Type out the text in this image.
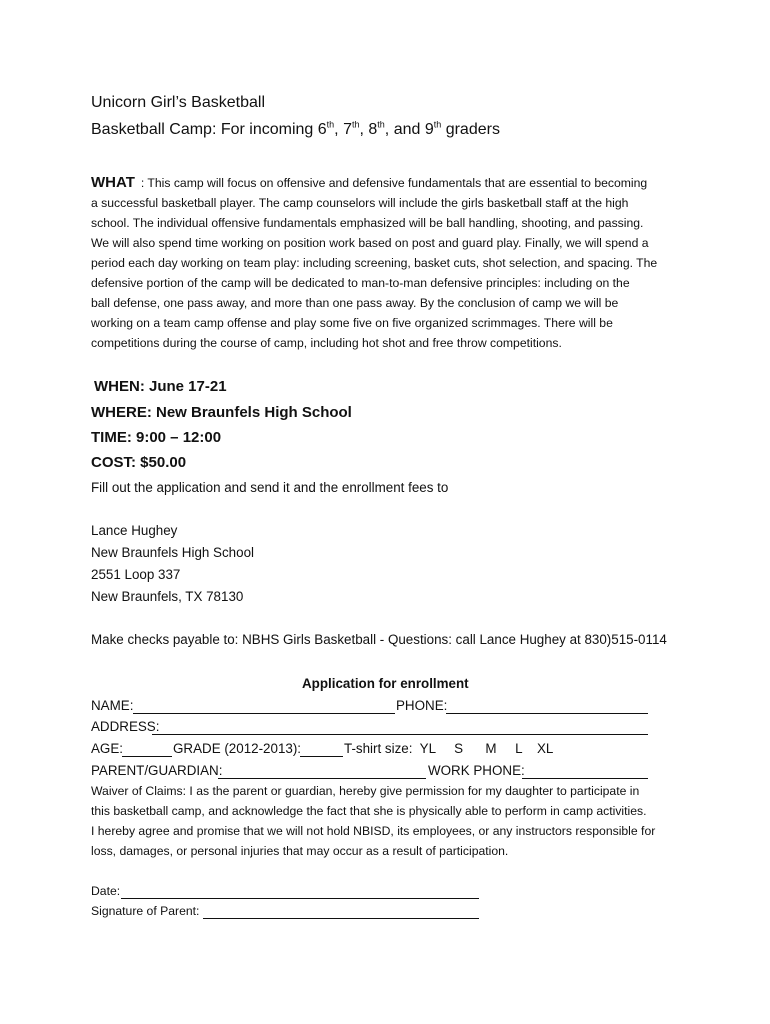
Unicorn Girl’s Basketball
Basketball Camp: For incoming 6th, 7th, 8th, and 9th graders
WHAT : This camp will focus on offensive and defensive fundamentals that are essential to becoming
a successful basketball player. The camp counselors will include the girls basketball staff at the high
school. The individual offensive fundamentals emphasized will be ball handling, shooting, and passing.
We will also spend time working on position work based on post and guard play. Finally, we will spend a
period each day working on team play: including screening, basket cuts, shot selection, and spacing. The
defensive portion of the camp will be dedicated to man-to-man defensive principles: including on the
ball defense, one pass away, and more than one pass away. By the conclusion of camp we will be
working on a team camp offense and play some five on five organized scrimmages. There will be
competitions during the course of camp, including hot shot and free throw competitions.
WHEN: June 17-21
WHERE: New Braunfels High School
TIME: 9:00 – 12:00
COST: $50.00
Fill out the application and send it and the enrollment fees to
Lance Hughey
New Braunfels High School
2551 Loop 337
New Braunfels, TX 78130
Make checks payable to: NBHS Girls Basketball - Questions: call Lance Hughey at 830)515-0114
Application for enrollment
NAME:	PHONE:
ADDRESS:
AGE:	GRADE (2012-2013):	T-shirt size:  YL     S      M     L    XL
PARENT/GUARDIAN:	WORK PHONE:
Waiver of Claims: I as the parent or guardian, hereby give permission for my daughter to participate in
this basketball camp, and acknowledge the fact that she is physically able to perform in camp activities.
I hereby agree and promise that we will not hold NBISD, its employees, or any instructors responsible for
loss, damages, or personal injuries that may occur as a result of participation.
Date:
Signature of Parent:
